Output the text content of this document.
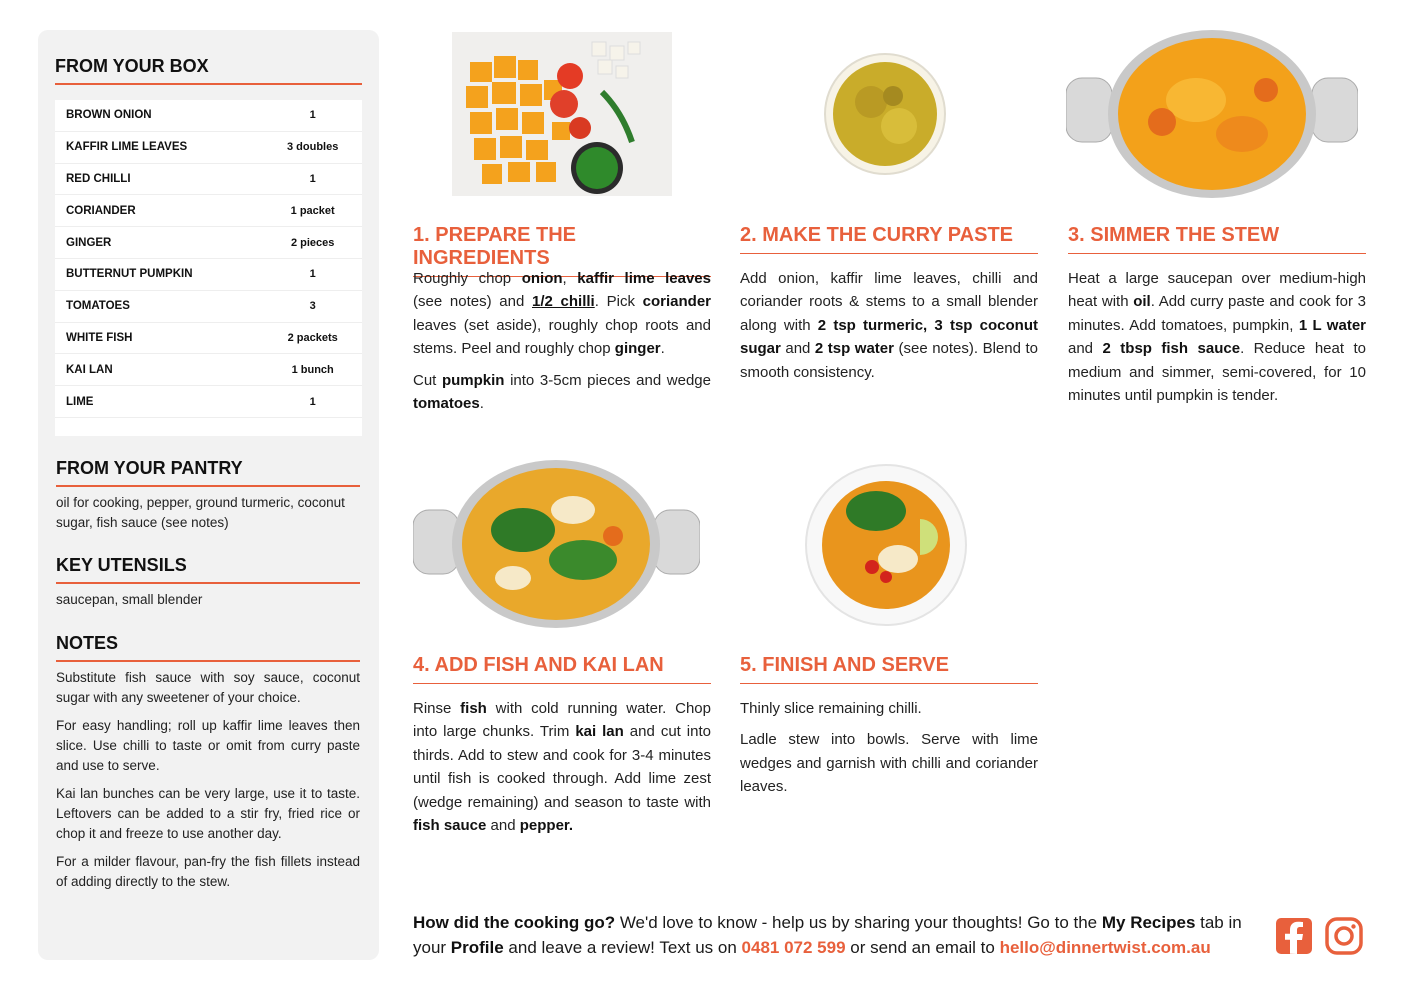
FROM YOUR BOX
BROWN ONION	1
KAFFIR LIME LEAVES	3 doubles
RED CHILLI	1
CORIANDER	1 packet
GINGER	2 pieces
BUTTERNUT PUMPKIN	1
TOMATOES	3
WHITE FISH	2 packets
KAI LAN	1 bunch
LIME	1
FROM YOUR PANTRY

oil for cooking, pepper, ground turmeric, coconut sugar, fish sauce (see notes)

KEY UTENSILS

saucepan, small blender

NOTES

Substitute fish sauce with soy sauce, coconut sugar with any sweetener of your choice.

For easy handling; roll up kaffir lime leaves then slice. Use chilli to taste or omit from curry paste and use to serve.

Kai lan bunches can be very large, use it to taste. Leftovers can be added to a stir fry, fried rice or chop it and freeze to use another day.

For a milder flavour, pan-fry the fish fillets instead of adding directly to the stew.

1. PREPARE THE INGREDIENTS
2. MAKE THE CURRY PASTE	3. SIMMER THE STEW
4. ADD FISH AND KAI LAN	5. FINISH AND SERVE

Roughly chop onion, kaffir lime leaves (see notes) and 1/2 chilli. Pick coriander leaves (set aside), roughly chop roots and stems. Peel and roughly chop ginger.

Cut pumpkin into 3-5cm pieces and wedge tomatoes.

Add onion, kaffir lime leaves, chilli and coriander roots & stems to a small blender along with 2 tsp turmeric, 3 tsp coconut sugar and 2 tsp water (see notes). Blend to smooth consistency.

Heat a large saucepan over medium-high heat with oil. Add curry paste and cook for 3 minutes. Add tomatoes, pumpkin, 1 L water and 2 tbsp fish sauce. Reduce heat to medium and simmer, semi-covered, for 10 minutes until pumpkin is tender.

Rinse fish with cold running water. Chop into large chunks. Trim kai lan and cut into thirds. Add to stew and cook for 3-4 minutes until fish is cooked through. Add lime zest (wedge remaining) and season to taste with fish sauce and pepper.

Thinly slice remaining chilli.

Ladle stew into bowls. Serve with lime wedges and garnish with chilli and coriander leaves.

How did the cooking go? We'd love to know - help us by sharing your thoughts! Go to the My Recipes tab in your Profile and leave a review! Text us on 0481 072 599 or send an email to hello@dinnertwist.com.au
